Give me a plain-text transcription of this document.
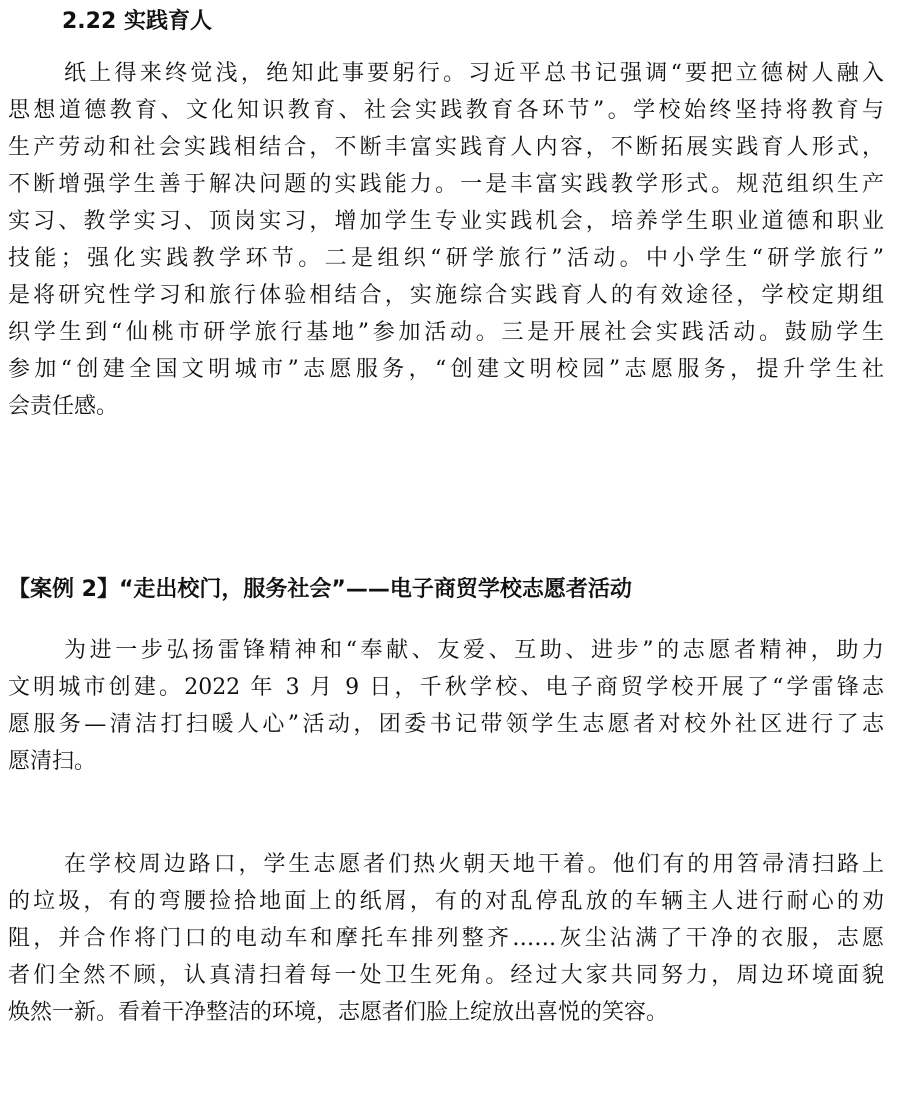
2.22 实践育人
纸上得来终觉浅，绝知此事要躬行。习近平总书记强调“要把立德树人融入
思想道德教育、文化知识教育、社会实践教育各环节”。学校始终坚持将教育与
生产劳动和社会实践相结合，不断丰富实践育人内容，不断拓展实践育人形式，
不断增强学生善于解决问题的实践能力。一是丰富实践教学形式。规范组织生产
实习、教学实习、顶岗实习，增加学生专业实践机会，培养学生职业道德和职业
技能；强化实践教学环节。二是组织“研学旅行”活动。中小学生“研学旅行”
是将研究性学习和旅行体验相结合，实施综合实践育人的有效途径，学校定期组
织学生到“仙桃市研学旅行基地”参加活动。三是开展社会实践活动。鼓励学生
参加“创建全国文明城市”志愿服务，“创建文明校园”志愿服务，提升学生社
会责任感。
【案例 2】“走出校门，服务社会”——电子商贸学校志愿者活动
为进一步弘扬雷锋精神和“奉献、友爱、互助、进步”的志愿者精神，助力
文明城市创建。2022 年 3 月 9 日，千秋学校、电子商贸学校开展了“学雷锋志
愿服务—清洁打扫暖人心”活动，团委书记带领学生志愿者对校外社区进行了志
愿清扫。
在学校周边路口，学生志愿者们热火朝天地干着。他们有的用笤帚清扫路上
的垃圾，有的弯腰捡拾地面上的纸屑，有的对乱停乱放的车辆主人进行耐心的劝
阻，并合作将门口的电动车和摩托车排列整齐……灰尘沾满了干净的衣服，志愿
者们全然不顾，认真清扫着每一处卫生死角。经过大家共同努力，周边环境面貌
焕然一新。看着干净整洁的环境，志愿者们脸上绽放出喜悦的笑容。
